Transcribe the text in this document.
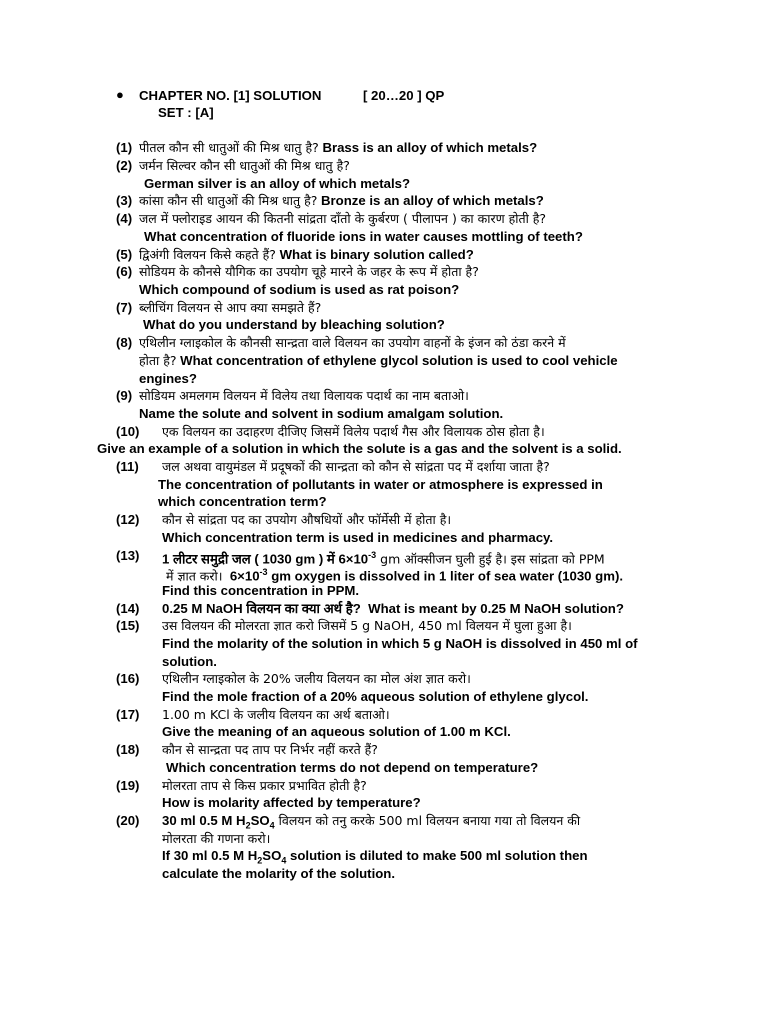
● CHAPTER NO. [1] SOLUTION	[ 20…20 ] QP
SET : [A]
(1) पीतल कौन सी धातुओं की मिश्र धातु है? Brass is an alloy of which metals?
(2) जर्मन सिल्वर कौन सी धातुओं की मिश्र धातु है?
German silver is an alloy of which metals?
(3) कांसा कौन सी धातुओं की मिश्र धातु है? Bronze is an alloy of which metals?
(4) जल में फ्लोराइड आयन की कितनी सांद्रता दाँतो के कुर्बरण ( पीलापन ) का कारण होती है?
What concentration of fluoride ions in water causes mottling of teeth?
(5) द्विअंगी विलयन किसे कहते हैं? What is binary solution called?
(6) सोडियम के कौनसे यौगिक का उपयोग चूहे मारने के जहर के रूप में होता है?
Which compound of sodium is used as rat poison?
(7) ब्लीचिंग विलयन से आप क्या समझते हैं?
What do you understand by bleaching solution?
(8) एथिलीन ग्लाइकोल के कौनसी सान्द्रता वाले विलयन का उपयोग वाहनों के इंजन को ठंडा करने में
होता है? What concentration of ethylene glycol solution is used to cool vehicle
engines?
(9) सोडियम अमलगम विलयन में विलेय तथा विलायक पदार्थ का नाम बताओ।
Name the solute and solvent in sodium amalgam solution.
(10) एक विलयन का उदाहरण दीजिए जिसमें विलेय पदार्थ गैस और विलायक ठोस होता है।
Give an example of a solution in which the solute is a gas and the solvent is a solid.
(11) जल अथवा वायुमंडल में प्रदूषकों की सान्द्रता को कौन से सांद्रता पद में दर्शाया जाता है?
The concentration of pollutants in water or atmosphere is expressed in
which concentration term?
(12) कौन से सांद्रता पद का उपयोग औषधियों और फॉर्मेसी में होता है।
Which concentration term is used in medicines and pharmacy.
(13) 1 लीटर समुद्री जल ( 1030 gm ) में $6\times 10^{-3}$ gm ऑक्सीजन घुली हुई है। इस सांद्रता को PPM
में ज्ञात करो। $6\times 10^{-3}$ gm oxygen is dissolved in 1 liter of sea water (1030 gm).
Find this concentration in PPM.
(14) 0.25 M NaOH विलयन का क्या अर्थ है? What is meant by 0.25 M NaOH solution?
(15) उस विलयन की मोलरता ज्ञात करो जिसमें 5 g NaOH, 450 ml विलयन में घुला हुआ है।
Find the molarity of the solution in which 5 g NaOH is dissolved in 450 ml of
solution.
(16) एथिलीन ग्लाइकोल के 20% जलीय विलयन का मोल अंश ज्ञात करो।
Find the mole fraction of a 20% aqueous solution of ethylene glycol.
(17) 1.00 m KCl के जलीय विलयन का अर्थ बताओ।
Give the meaning of an aqueous solution of 1.00 m KCl.
(18) कौन से सान्द्रता पद ताप पर निर्भर नहीं करते हैं?
Which concentration terms do not depend on temperature?
(19) मोलरता ताप से किस प्रकार प्रभावित होती है?
How is molarity affected by temperature?
(20) 30 ml 0.5 M $H_2SO_4$ विलयन को तनु करके 500 ml विलयन बनाया गया तो विलयन की
मोलरता की गणना करो।
If 30 ml 0.5 M $H_2SO_4$ solution is diluted to make 500 ml solution then
calculate the molarity of the solution.
